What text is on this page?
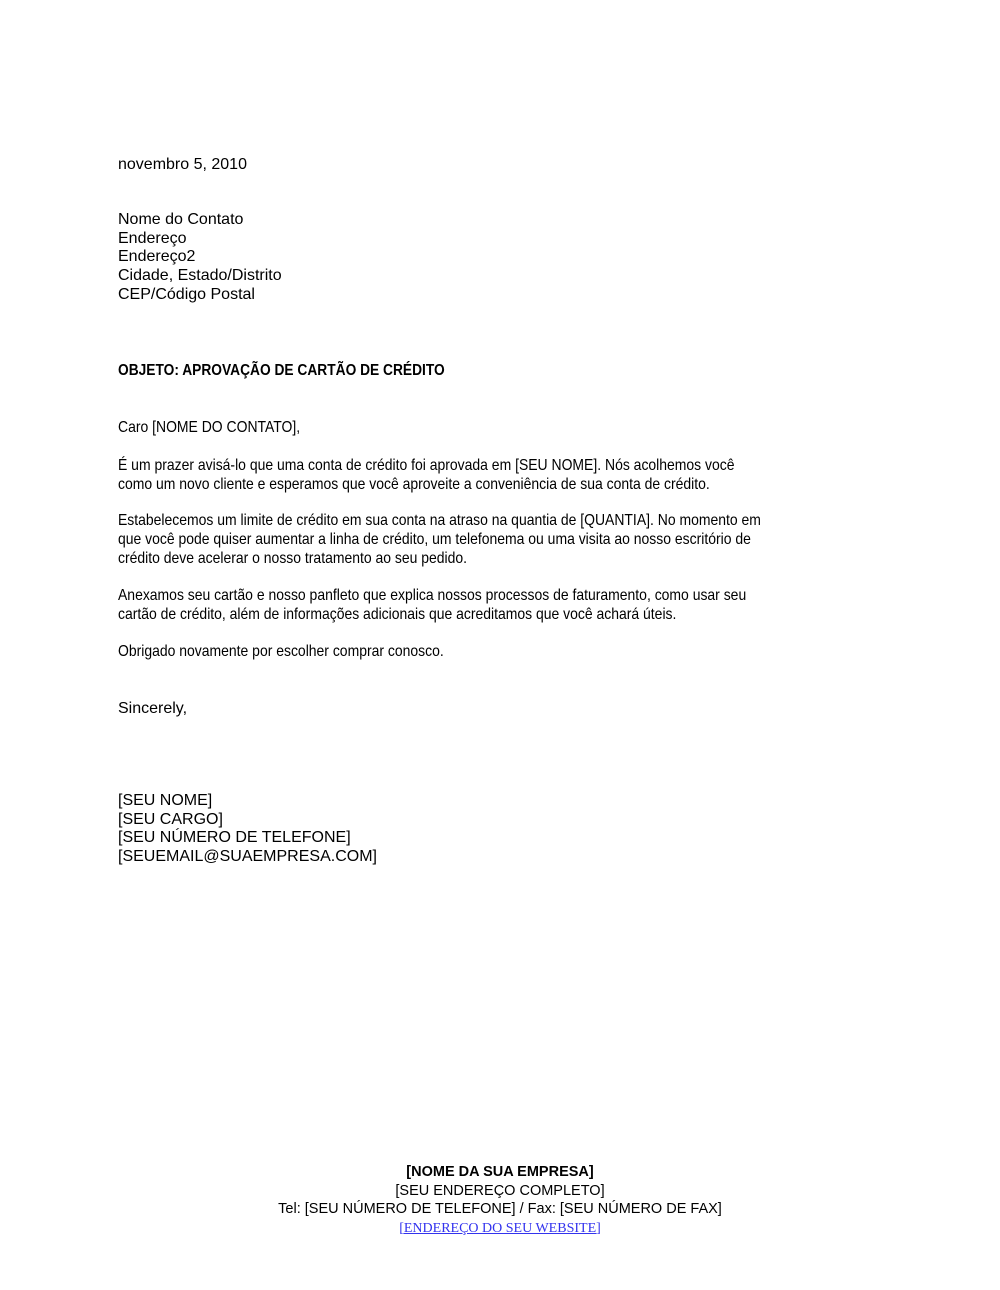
novembro 5, 2010
Nome do Contato
Endereço
Endereço2
Cidade, Estado/Distrito
CEP/Código Postal
OBJETO: APROVAÇÃO DE CARTÃO DE CRÉDITO
Caro [NOME DO CONTATO],
É um prazer avisá-lo que uma conta de crédito foi aprovada em [SEU NOME]. Nós acolhemos você
como um novo cliente e esperamos que você aproveite a conveniência de sua conta de crédito.
Estabelecemos um limite de crédito em sua conta na atraso na quantia de [QUANTIA]. No momento em
que você pode quiser aumentar a linha de crédito, um telefonema ou uma visita ao nosso escritório de
crédito deve acelerar o nosso tratamento ao seu pedido.
Anexamos seu cartão e nosso panfleto que explica nossos processos de faturamento, como usar seu
cartão de crédito, além de informações adicionais que acreditamos que você achará úteis.
Obrigado novamente por escolher comprar conosco.
Sincerely,
[SEU NOME]
[SEU CARGO]
[SEU NÚMERO DE TELEFONE]
[SEUEMAIL@SUAEMPRESA.COM]
[NOME DA SUA EMPRESA]
[SEU ENDEREÇO COMPLETO]
Tel: [SEU NÚMERO DE TELEFONE] / Fax: [SEU NÚMERO DE FAX]
[ENDEREÇO DO SEU WEBSITE]
